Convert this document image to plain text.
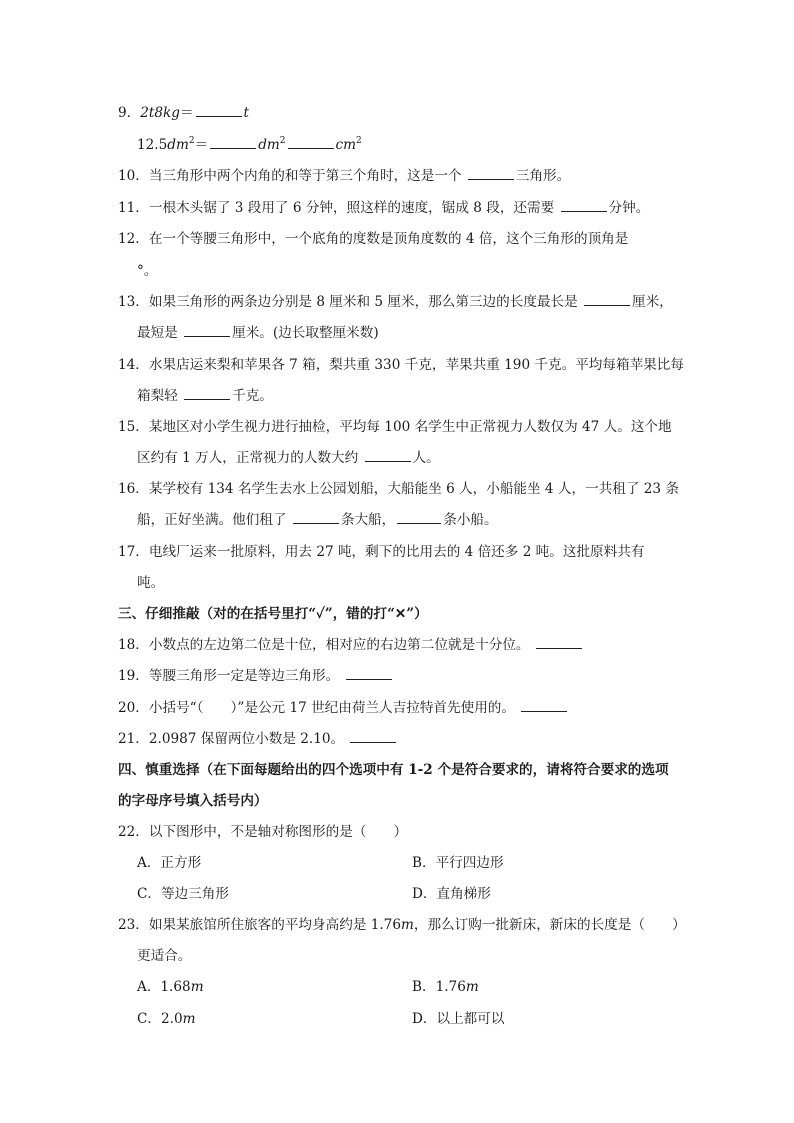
9．2t8kg＝	t
$12.5dm^2=$	$dm^2$	$cm^2$
10．当三角形中两个内角的和等于第三个角时，这是一个	三角形。
11．一根木头锯了 3 段用了 6 分钟，照这样的速度，锯成 8 段，还需要	分钟。
12．在一个等腰三角形中，一个底角的度数是顶角度数的 4 倍，这个三角形的顶角是
°。
13．如果三角形的两条边分别是 8 厘米和 5 厘米，那么第三边的长度最长是	厘米，
最短是	厘米。(边长取整厘米数)
14．水果店运来梨和苹果各 7 箱，梨共重 330 千克，苹果共重 190 千克。平均每箱苹果比每
箱梨轻	千克。
15．某地区对小学生视力进行抽检，平均每 100 名学生中正常视力人数仅为 47 人。这个地
区约有 1 万人，正常视力的人数大约	人。
16．某学校有 134 名学生去水上公园划船，大船能坐 6 人，小船能坐 4 人，一共租了 23 条
船，正好坐满。他们租了	条大船，	条小船。
17．电线厂运来一批原料，用去 27 吨，剩下的比用去的 4 倍还多 2 吨。这批原料共有
吨。
三、仔细推敲（对的在括号里打“✓”，错的打“✕”）
18．小数点的左边第二位是十位，相对应的右边第二位就是十分位。
19．等腰三角形一定是等边三角形。
20．小括号“（　　）”是公元 17 世纪由荷兰人吉拉特首先使用的。
21．2.0987 保留两位小数是 2.10。
四、慎重选择（在下面每题给出的四个选项中有 1-2 个是符合要求的，请将符合要求的选项
的字母序号填入括号内）
22．以下图形中，不是轴对称图形的是（　　）
A．正方形	B．平行四边形
C．等边三角形	D．直角梯形
23．如果某旅馆所住旅客的平均身高约是 1.76m，那么订购一批新床，新床的长度是（　　）
更适合。
A．1.68m	B．1.76m
C．2.0m	D．以上都可以
